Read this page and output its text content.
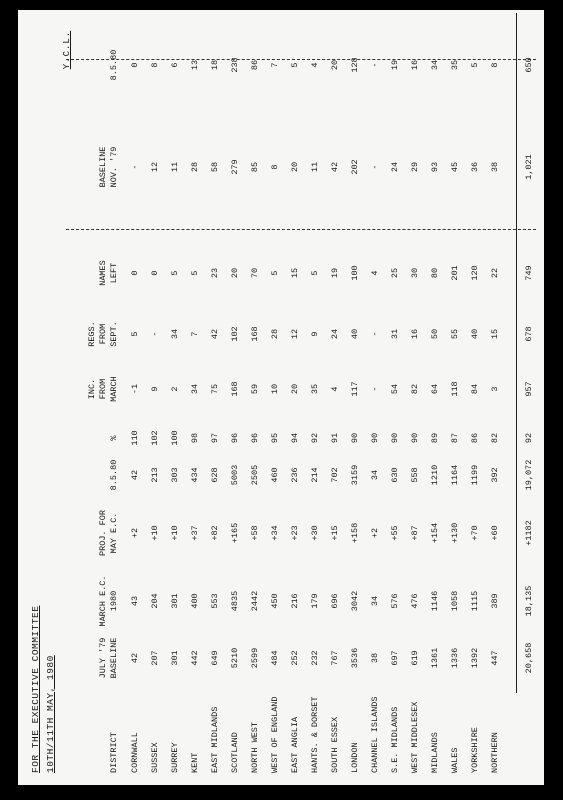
FOR THE EXECUTIVE COMMITTEE 10TH/11TH MAY, 1980
Y.C.L.
DISTRICT
JULY '79 BASELINE
MARCH E.C. 1980
PROJ. FOR MAY E.C.
8.5.80
%
INC. FROM MARCH
REGS. FROM SEPT.
NAMES LEFT
BASELINE NOV. '79
8.5.80
CORNWALL
42
43
+2
42
110
-1
5
0
-
0
SUSSEX
207
204
+10
213
102
9
-
0
12
8
SURREY
301
301
+10
303
100
2
34
5
11
6
KENT
442
400
+37
434
98
34
7
5
28
13
EAST MIDLANDS
649
553
+82
628
97
75
42
23
58
18
SCOTLAND
5210
4835
+165
5003
96
168
102
20
279
238
NORTH WEST
2599
2442
+58
2505
96
59
168
70
85
86
WEST OF ENGLAND
484
450
+34
460
95
10
28
5
8
7
EAST ANGLIA
252
216
+23
236
94
20
12
15
20
5
HANTS. & DORSET
232
179
+30
214
92
35
9
5
11
4
SOUTH ESSEX
767
696
+15
702
91
4
24
19
42
20
LONDON
3536
3042
+158
3159
90
117
40
100
202
128
CHANNEL ISLANDS
38
34
+2
34
90
-
-
4
-
-
S.E. MIDLANDS
697
576
+55
630
90
54
31
25
24
19
WEST MIDDLESEX
619
476
+87
558
90
82
16
30
29
16
MIDLANDS
1361
1146
+154
1210
89
64
50
80
93
34
WALES
1336
1058
+130
1164
87
118
55
201
45
35
YORKSHIRE
1392
1115
+70
1199
86
84
40
120
36
5
NORTHERN
447
389
+60
392
82
3
15
22
38
8
20,658
18,135
+1182
19,072
92
957
678
749
1,021
650
